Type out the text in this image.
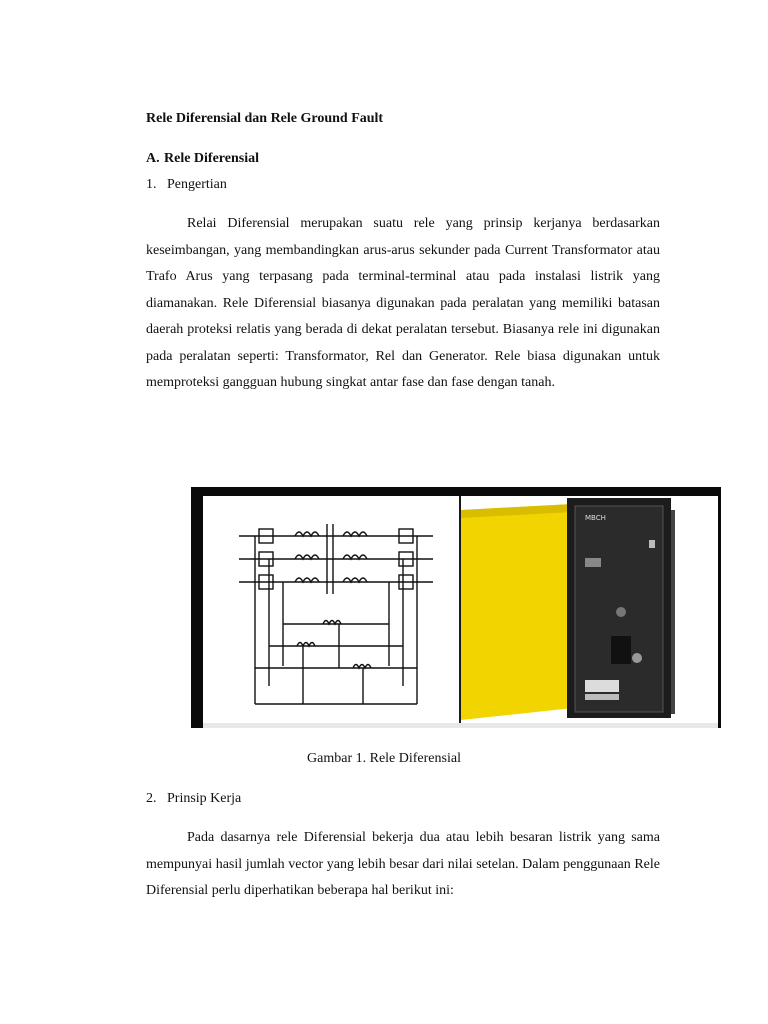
Rele Diferensial dan Rele Ground Fault
A. Rele Diferensial

1. Pengertian

Relai Diferensial merupakan suatu rele yang prinsip kerjanya berdasarkan keseimbangan, yang membandingkan arus-arus sekunder pada Current Transformator atau Trafo Arus yang terpasang pada terminal-terminal atau pada instalasi listrik yang diamanakan. Rele Diferensial biasanya digunakan pada peralatan yang memiliki batasan daerah proteksi relatis yang berada di dekat peralatan tersebut. Biasanya rele ini digunakan pada peralatan seperti: Transformator, Rel dan Generator. Rele biasa digunakan untuk memproteksi gangguan hubung singkat antar fase dan fase dengan tanah.

MBCH

Gambar 1. Rele Diferensial

2. Prinsip Kerja

Pada dasarnya rele Diferensial bekerja dua atau lebih besaran listrik yang sama mempunyai hasil jumlah vector yang lebih besar dari nilai setelan. Dalam penggunaan Rele Diferensial perlu diperhatikan beberapa hal berikut ini:
